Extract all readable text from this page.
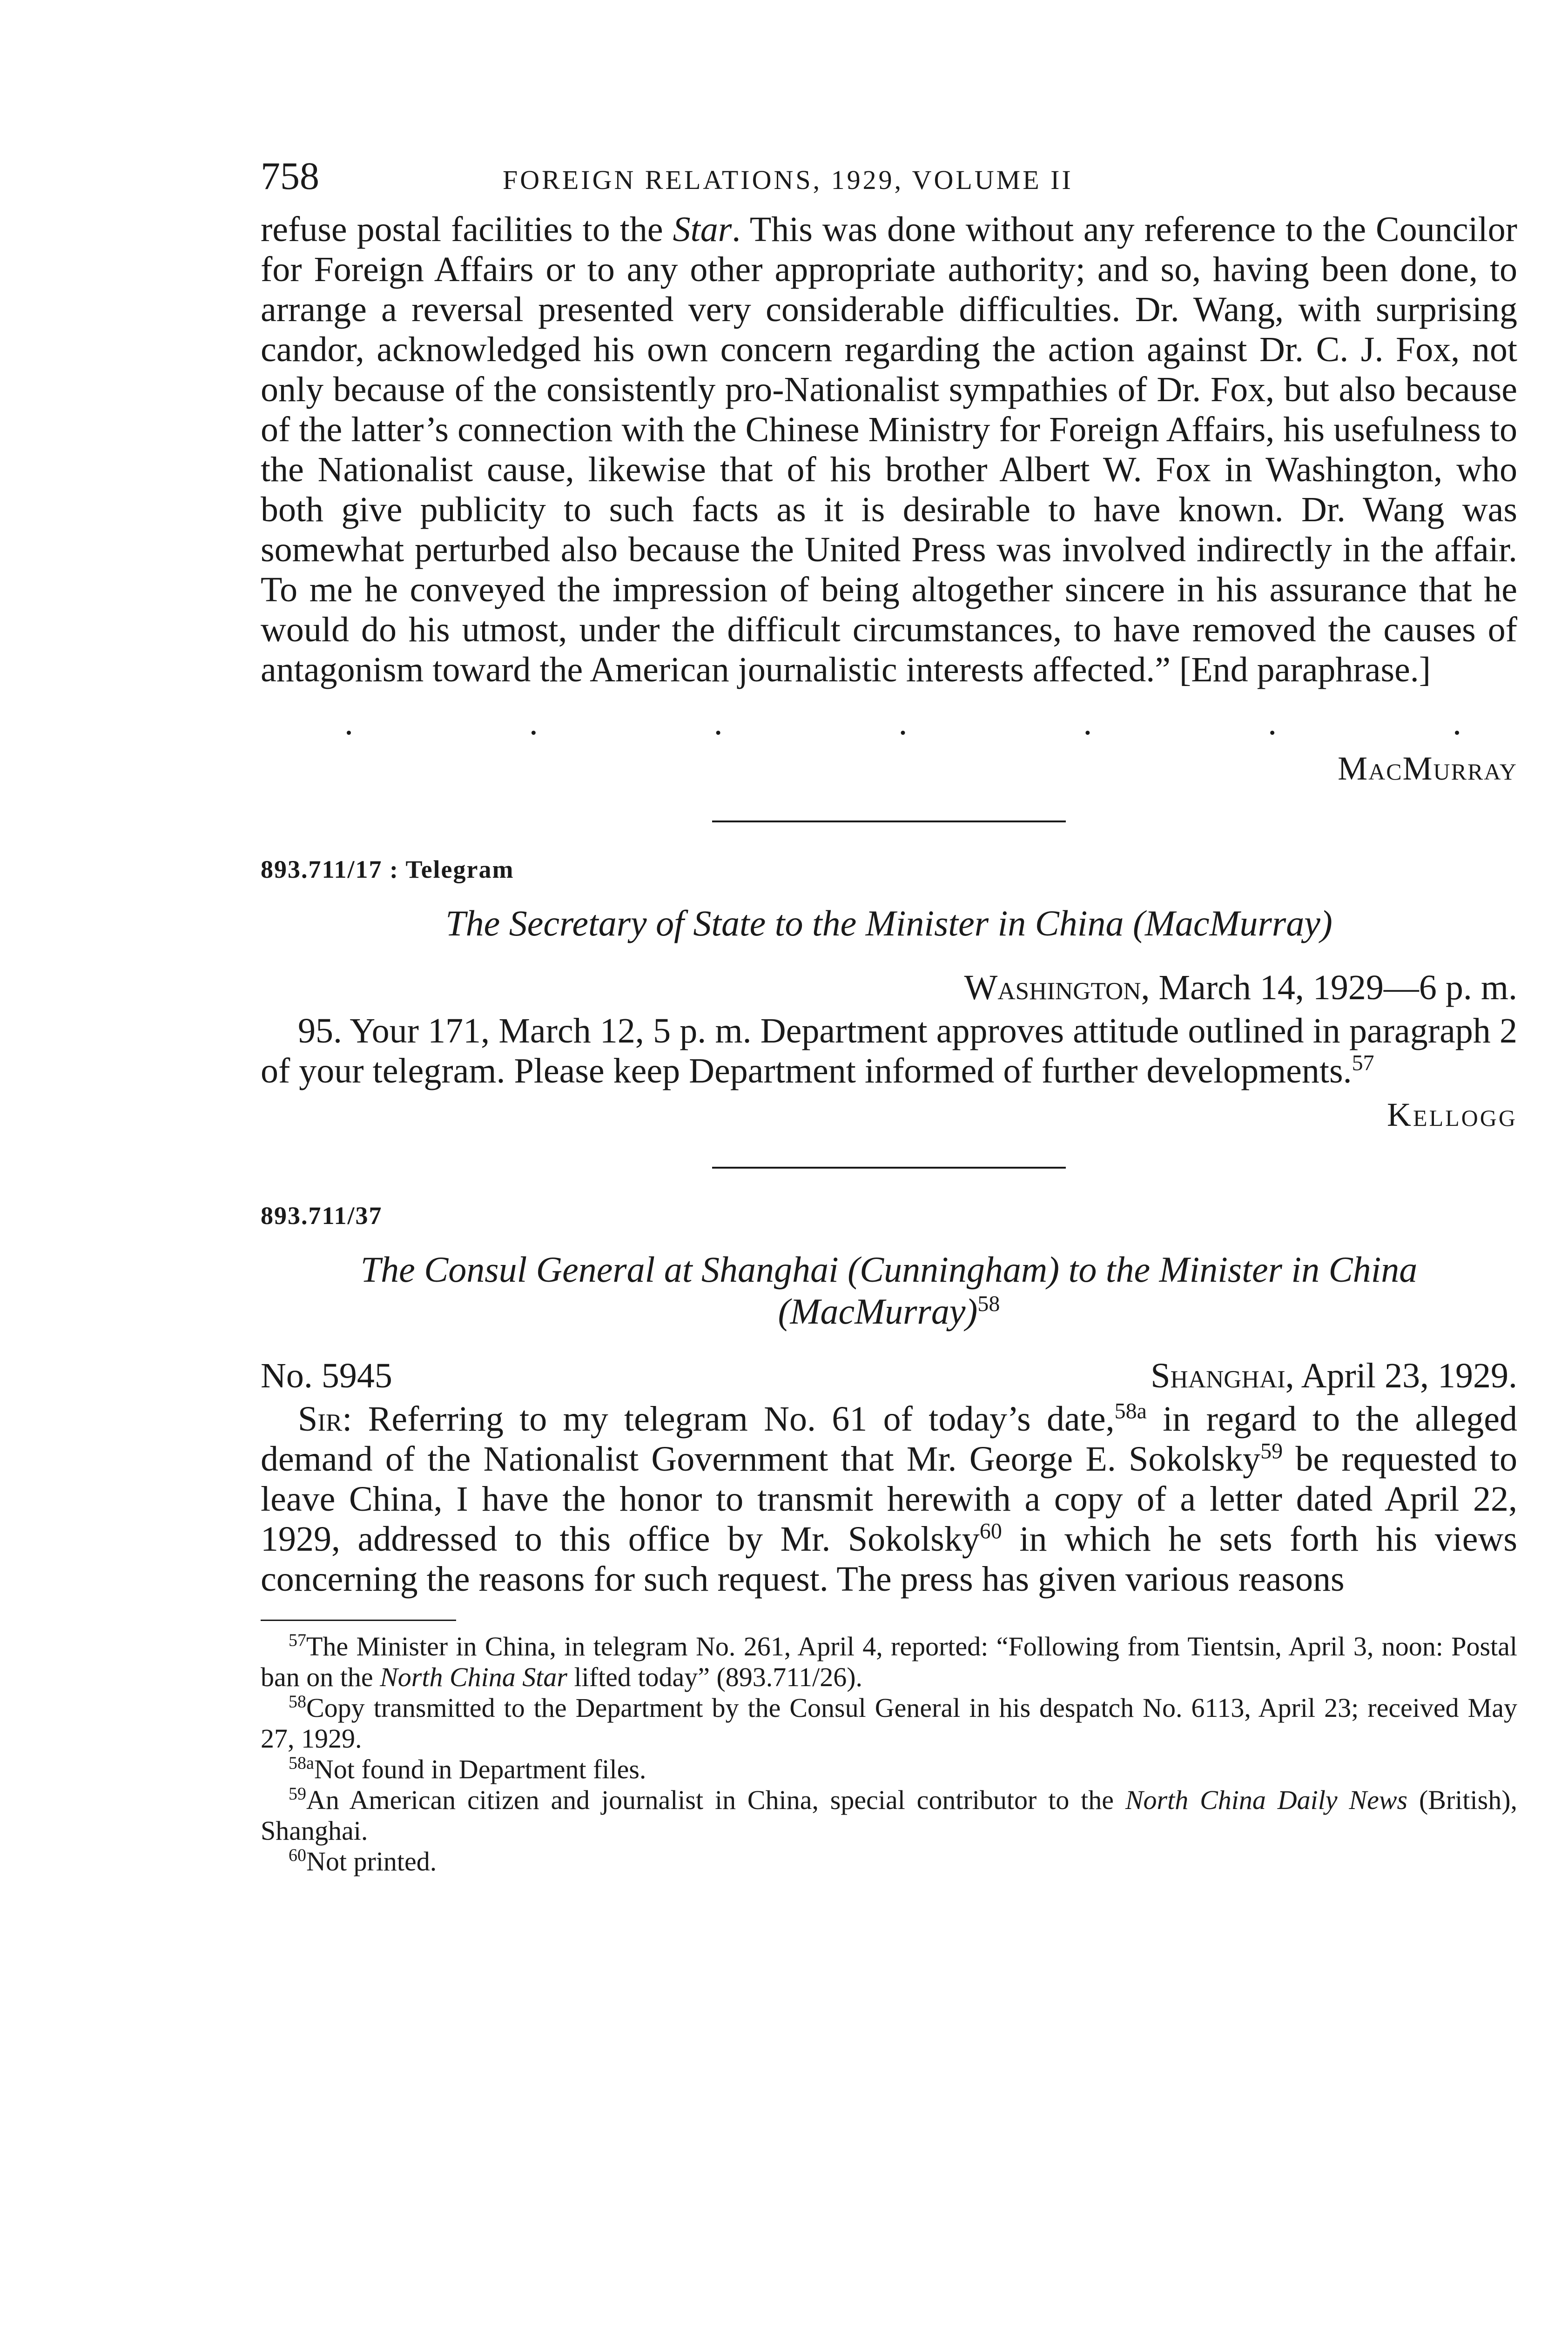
758	FOREIGN RELATIONS, 1929, VOLUME II

refuse postal facilities to the Star. This was done without any reference to the Councilor for Foreign Affairs or to any other appropriate authority; and so, having been done, to arrange a reversal presented very considerable difficulties. Dr. Wang, with surprising candor, acknowledged his own concern regarding the action against Dr. C. J. Fox, not only because of the consistently pro-Nationalist sympathies of Dr. Fox, but also because of the latter’s connection with the Chinese Ministry for Foreign Affairs, his usefulness to the Nationalist cause, likewise that of his brother Albert W. Fox in Washington, who both give publicity to such facts as it is desirable to have known. Dr. Wang was somewhat perturbed also because the United Press was involved indirectly in the affair. To me he conveyed the impression of being altogether sincere in his assurance that he would do his utmost, under the difficult circumstances, to have removed the causes of antagonism toward the American journalistic interests affected.” [End paraphrase.]

.	.	.	.	.	.	.
MacMurray
893.711/17 : Telegram
The Secretary of State to the Minister in China (MacMurray)
Washington, March 14, 1929—6 p. m.

95. Your 171, March 12, 5 p. m. Department approves attitude outlined in paragraph 2 of your telegram. Please keep Department informed of further developments.$^{57}$

Kellogg
893.711/37
The Consul General at Shanghai (Cunningham) to the Minister in China (MacMurray)$^{58}$
No. 5945	Shanghai, April 23, 1929.

Sir: Referring to my telegram No. 61 of today’s date,$^{58a}$ in regard to the alleged demand of the Nationalist Government that Mr. George E. Sokolsky$^{59}$ be requested to leave China, I have the honor to transmit herewith a copy of a letter dated April 22, 1929, addressed to this office by Mr. Sokolsky$^{60}$ in which he sets forth his views concerning the reasons for such request. The press has given various reasons

$^{57}$The Minister in China, in telegram No. 261, April 4, reported: “Following from Tientsin, April 3, noon: Postal ban on the North China Star lifted today” (893.711/26).

$^{58}$Copy transmitted to the Department by the Consul General in his despatch No. 6113, April 23; received May 27, 1929.

$^{58a}$Not found in Department files.

$^{59}$An American citizen and journalist in China, special contributor to the North China Daily News (British), Shanghai.

$^{60}$Not printed.
